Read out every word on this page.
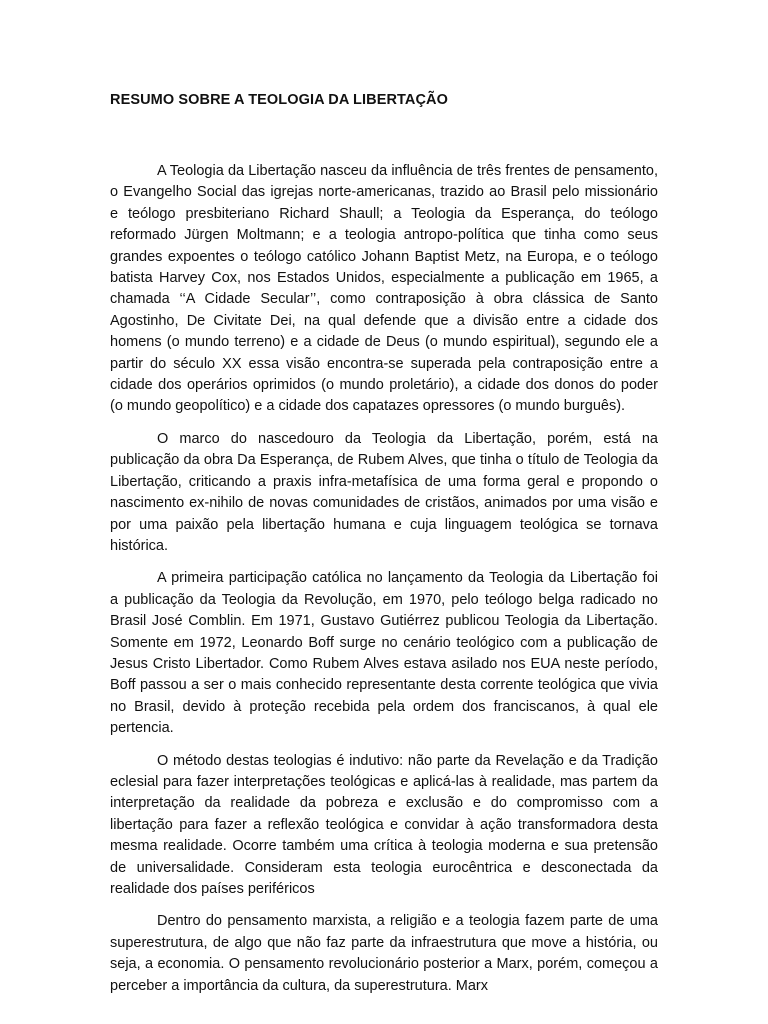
RESUMO SOBRE A TEOLOGIA DA LIBERTAÇÃO

A Teologia da Libertação nasceu da influência de três frentes de pensamento, o Evangelho Social das igrejas norte-americanas, trazido ao Brasil pelo missionário e teólogo presbiteriano Richard Shaull; a Teologia da Esperança, do teólogo reformado Jürgen Moltmann; e a teologia antropo-política que tinha como seus grandes expoentes o teólogo católico Johann Baptist Metz, na Europa, e o teólogo batista Harvey Cox, nos Estados Unidos, especialmente a publicação em 1965, a chamada ‘‘A Cidade Secular’’, como contraposição à obra clássica de Santo Agostinho, De Civitate Dei, na qual defende que a divisão entre a cidade dos homens (o mundo terreno) e a cidade de Deus (o mundo espiritual), segundo ele a partir do século XX essa visão encontra-se superada pela contraposição entre a cidade dos operários oprimidos (o mundo proletário), a cidade dos donos do poder (o mundo geopolítico) e a cidade dos capatazes opressores (o mundo burguês).

O marco do nascedouro da Teologia da Libertação, porém, está na publicação da obra Da Esperança, de Rubem Alves, que tinha o título de Teologia da Libertação, criticando a praxis infra-metafísica de uma forma geral e propondo o nascimento ex-nihilo de novas comunidades de cristãos, animados por uma visão e por uma paixão pela libertação humana e cuja linguagem teológica se tornava histórica.

A primeira participação católica no lançamento da Teologia da Libertação foi a publicação da Teologia da Revolução, em 1970, pelo teólogo belga radicado no Brasil José Comblin. Em 1971, Gustavo Gutiérrez publicou Teologia da Libertação. Somente em 1972, Leonardo Boff surge no cenário teológico com a publicação de Jesus Cristo Libertador. Como Rubem Alves estava asilado nos EUA neste período, Boff passou a ser o mais conhecido representante desta corrente teológica que vivia no Brasil, devido à proteção recebida pela ordem dos franciscanos, à qual ele pertencia.

O método destas teologias é indutivo: não parte da Revelação e da Tradição eclesial para fazer interpretações teológicas e aplicá-las à realidade, mas partem da interpretação da realidade da pobreza e exclusão e do compromisso com a libertação para fazer a reflexão teológica e convidar à ação transformadora desta mesma realidade. Ocorre também uma crítica à teologia moderna e sua pretensão de universalidade. Consideram esta teologia eurocêntrica e desconectada da realidade dos países periféricos

Dentro do pensamento marxista, a religião e a teologia fazem parte de uma superestrutura, de algo que não faz parte da infraestrutura que move a história, ou seja, a economia. O pensamento revolucionário posterior a Marx, porém, começou a perceber a importância da cultura, da superestrutura. Marx
